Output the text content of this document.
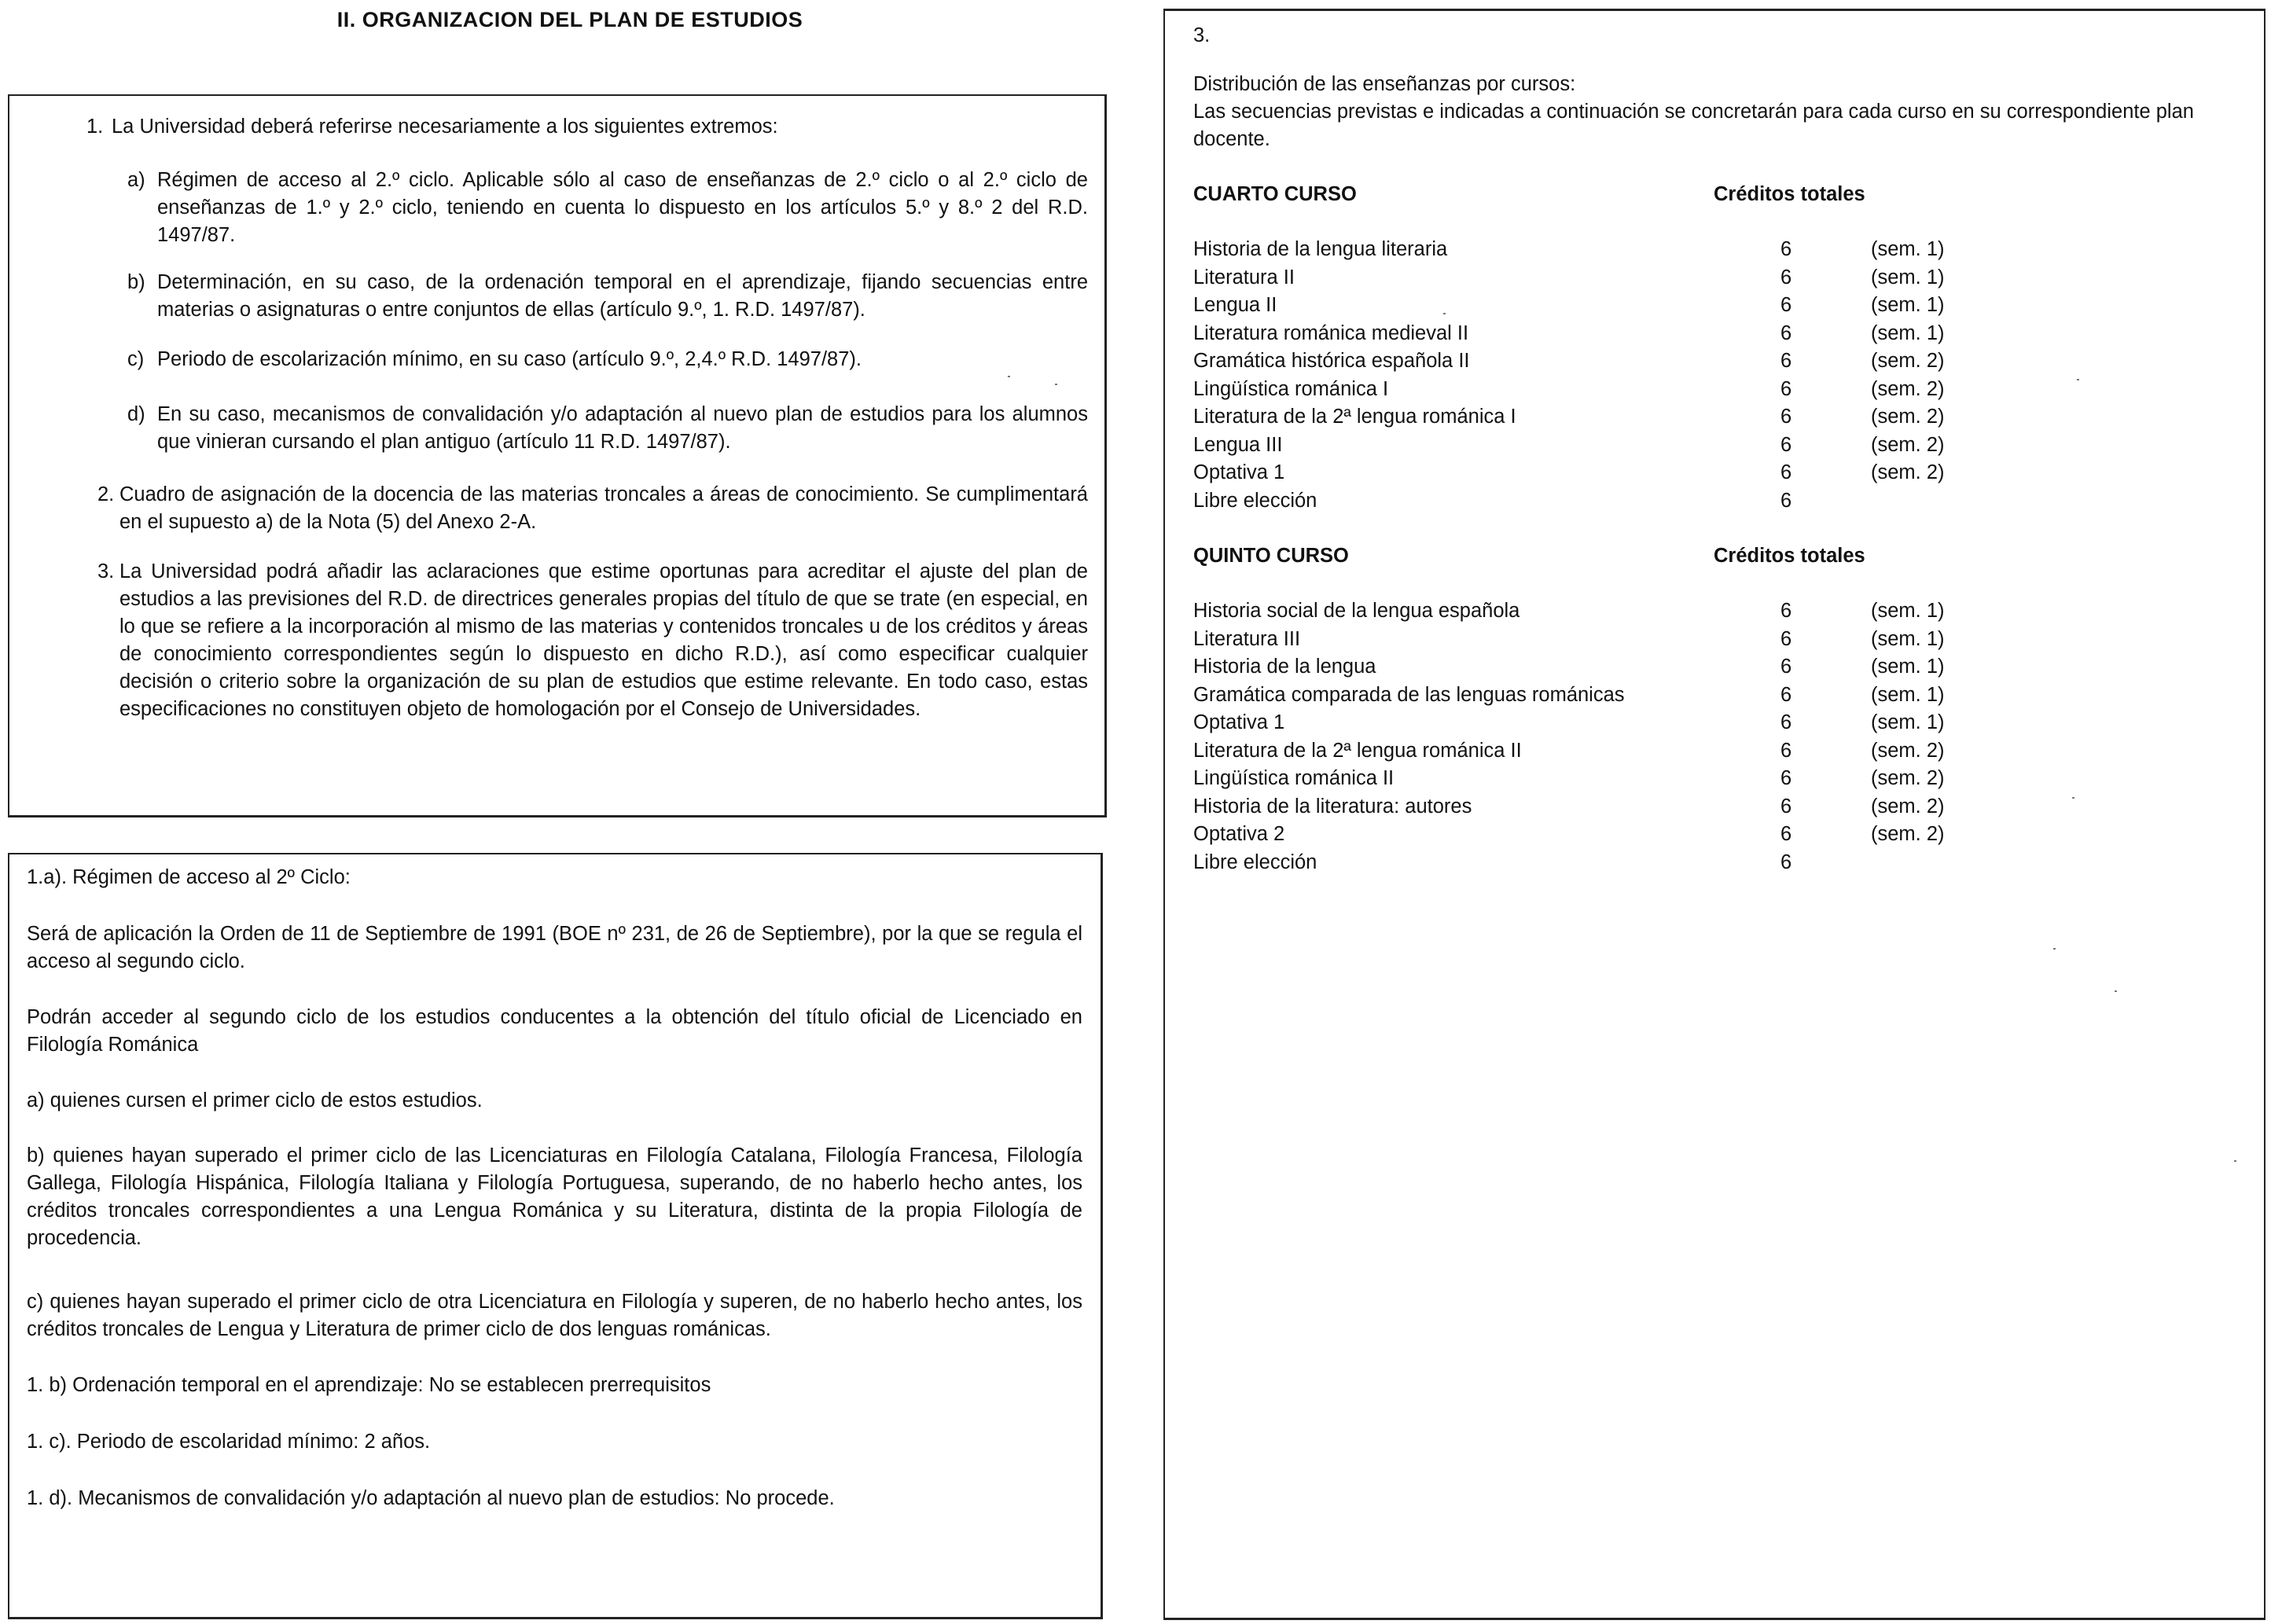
II. ORGANIZACION DEL PLAN DE ESTUDIOS
1. La Universidad deberá referirse necesariamente a los siguientes extremos:
a) Régimen de acceso al 2.º ciclo. Aplicable sólo al caso de enseñanzas de 2.º ciclo o al 2.º ciclo de enseñanzas de 1.º y 2.º ciclo, teniendo en cuenta lo dispuesto en los artículos 5.º y 8.º 2 del R.D. 1497/87.
b) Determinación, en su caso, de la ordenación temporal en el aprendizaje, fijando secuencias entre materias o asignaturas o entre conjuntos de ellas (artículo 9.º, 1. R.D. 1497/87).
c) Periodo de escolarización mínimo, en su caso (artículo 9.º, 2,4.º R.D. 1497/87).
d) En su caso, mecanismos de convalidación y/o adaptación al nuevo plan de estudios para los alumnos que vinieran cursando el plan antiguo (artículo 11 R.D. 1497/87).
2. Cuadro de asignación de la docencia de las materias troncales a áreas de conocimiento. Se cumplimentará en el supuesto a) de la Nota (5) del Anexo 2-A.
3. La Universidad podrá añadir las aclaraciones que estime oportunas para acreditar el ajuste del plan de estudios a las previsiones del R.D. de directrices generales propias del título de que se trate (en especial, en lo que se refiere a la incorporación al mismo de las materias y contenidos troncales u de los créditos y áreas de conocimiento correspondientes según lo dispuesto en dicho R.D.), así como especificar cualquier decisión o criterio sobre la organización de su plan de estudios que estime relevante. En todo caso, estas especificaciones no constituyen objeto de homologación por el Consejo de Universidades.
1.a). Régimen de acceso al 2º Ciclo:
Será de aplicación la Orden de 11 de Septiembre de 1991 (BOE nº 231, de 26 de Septiembre), por la que se regula el acceso al segundo ciclo.
Podrán acceder al segundo ciclo de los estudios conducentes a la obtención del título oficial de Licenciado en Filología Románica
a) quienes cursen el primer ciclo de estos estudios.
b) quienes hayan superado el primer ciclo de las Licenciaturas en Filología Catalana, Filología Francesa, Filología Gallega, Filología Hispánica, Filología Italiana y Filología Portuguesa, superando, de no haberlo hecho antes, los créditos troncales correspondientes a una Lengua Románica y su Literatura, distinta de la propia Filología de procedencia.
c) quienes hayan superado el primer ciclo de otra Licenciatura en Filología y superen, de no haberlo hecho antes, los créditos troncales de Lengua y Literatura de primer ciclo de dos lenguas románicas.
1. b) Ordenación temporal en el aprendizaje: No se establecen prerrequisitos
1. c). Periodo de escolaridad mínimo: 2 años.
1. d). Mecanismos de convalidación y/o adaptación al nuevo plan de estudios: No procede.
3.
Distribución de las enseñanzas por cursos:
Las secuencias previstas e indicadas a continuación se concretarán para cada curso en su correspondiente plan docente.
CUARTO CURSO	Créditos totales
Historia de la lengua literaria	6	(sem. 1)
Literatura II	6	(sem. 1)
Lengua II	6	(sem. 1)
Literatura románica medieval II	6	(sem. 1)
Gramática histórica española II	6	(sem. 2)
Lingüística románica I	6	(sem. 2)
Literatura de la 2ª lengua románica I	6	(sem. 2)
Lengua III	6	(sem. 2)
Optativa 1	6	(sem. 2)
Libre elección	6
QUINTO CURSO	Créditos totales
Historia social de la lengua española	6	(sem. 1)
Literatura III	6	(sem. 1)
Historia de la lengua	6	(sem. 1)
Gramática comparada de las lenguas románicas	6	(sem. 1)
Optativa 1	6	(sem. 1)
Literatura de la 2ª lengua románica II	6	(sem. 2)
Lingüística románica II	6	(sem. 2)
Historia de la literatura: autores	6	(sem. 2)
Optativa 2	6	(sem. 2)
Libre elección	6
